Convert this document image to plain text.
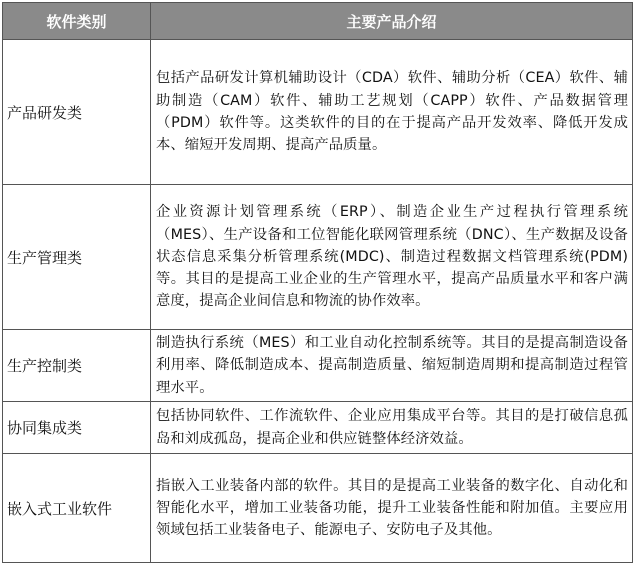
软件类别	主要产品介绍
产品研发类	包括产品研发计算机辅助设计（CDA）软件、辅助分析（CEA）软件、辅助制造（CAM）软件、辅助工艺规划（CAPP）软件、产品数据管理（PDM）软件等。这类软件的目的在于提高产品开发效率、降低开发成本、缩短开发周期、提高产品质量。
生产管理类	企业资源计划管理系统（ERP）、制造企业生产过程执行管理系统（MES）、生产设备和工位智能化联网管理系统（DNC）、生产数据及设备状态信息采集分析管理系统(MDC)、制造过程数据文档管理系统(PDM)等。其目的是提高工业企业的生产管理水平，提高产品质量水平和客户满意度，提高企业间信息和物流的协作效率。
生产控制类	制造执行系统（MES）和工业自动化控制系统等。其目的是提高制造设备利用率、降低制造成本、提高制造质量、缩短制造周期和提高制造过程管理水平。
协同集成类	包括协同软件、工作流软件、企业应用集成平台等。其目的是打破信息孤岛和刘成孤岛，提高企业和供应链整体经济效益。
嵌入式工业软件	指嵌入工业装备内部的软件。其目的是提高工业装备的数字化、自动化和智能化水平，增加工业装备功能，提升工业装备性能和附加值。主要应用领域包括工业装备电子、能源电子、安防电子及其他。
